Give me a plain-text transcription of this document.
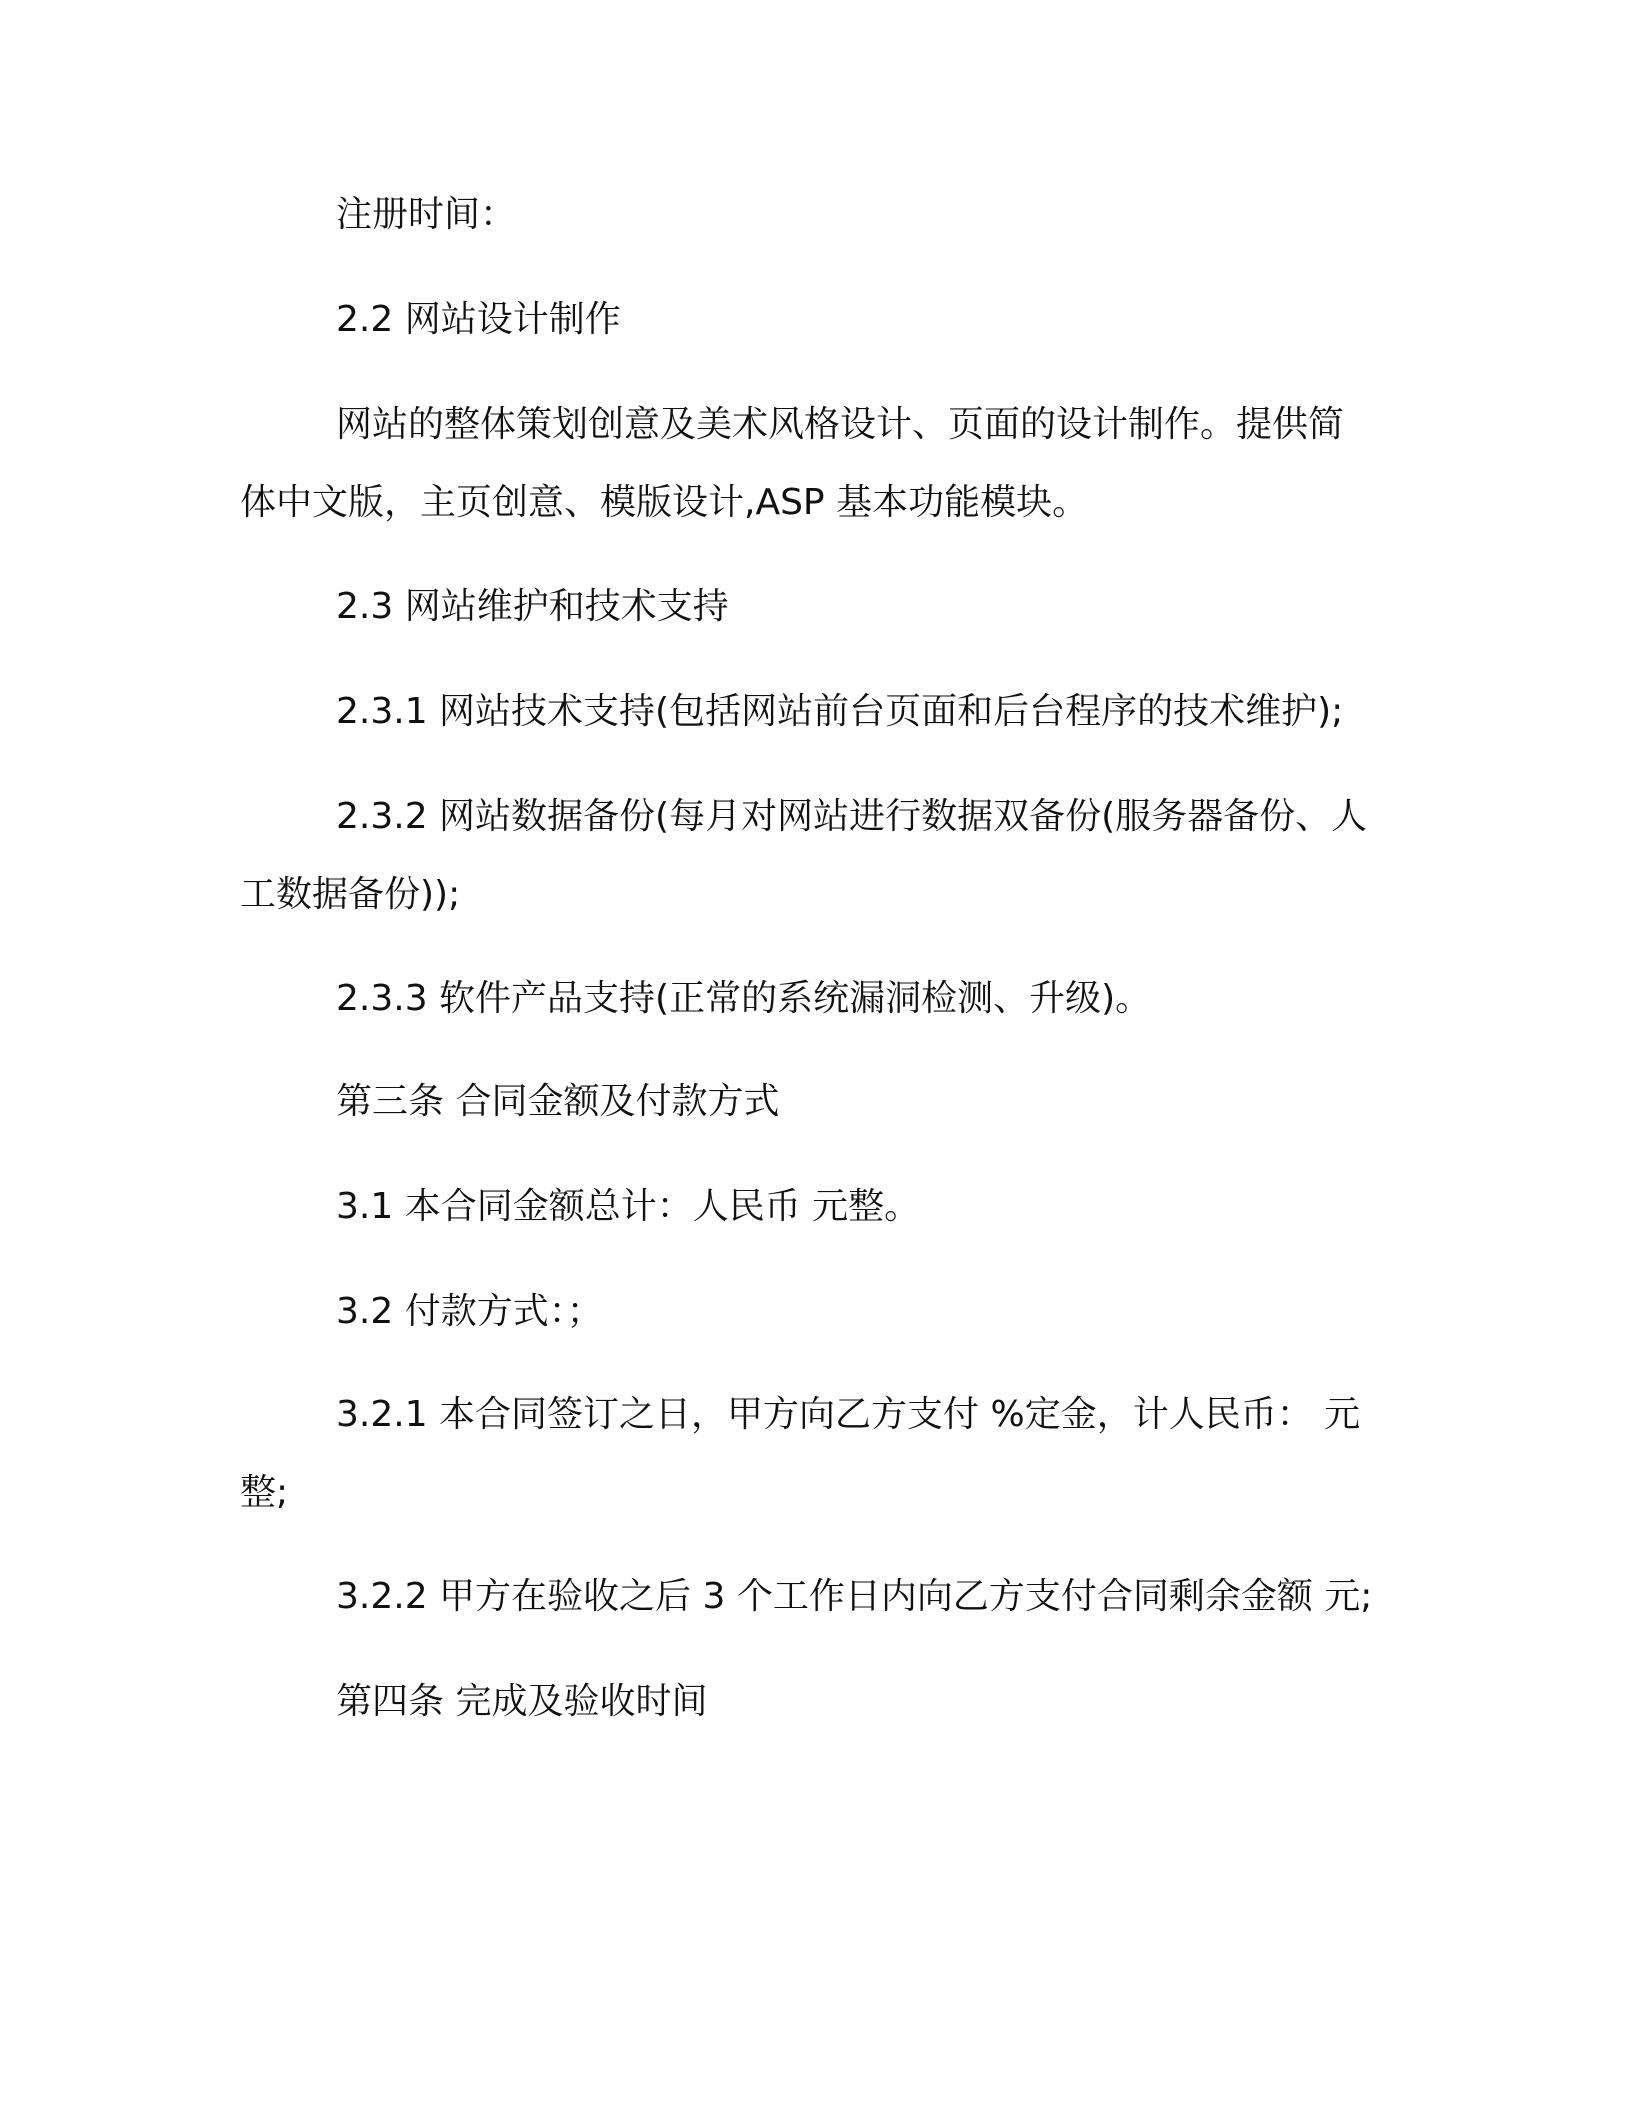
注册时间：

2.2 网站设计制作

网站的整体策划创意及美术风格设计、页面的设计制作。提供简
体中文版，主页创意、模版设计,ASP 基本功能模块。

2.3 网站维护和技术支持

2.3.1 网站技术支持(包括网站前台页面和后台程序的技术维护);

2.3.2 网站数据备份(每月对网站进行数据双备份(服务器备份、人
工数据备份));

2.3.3 软件产品支持(正常的系统漏洞检测、升级)。

第三条 合同金额及付款方式

3.1 本合同金额总计：人民币 元整。

3.2 付款方式：；

3.2.1 本合同签订之日，甲方向乙方支付 %定金，计人民币： 元
整;

3.2.2 甲方在验收之后 3 个工作日内向乙方支付合同剩余金额 元;

第四条 完成及验收时间
